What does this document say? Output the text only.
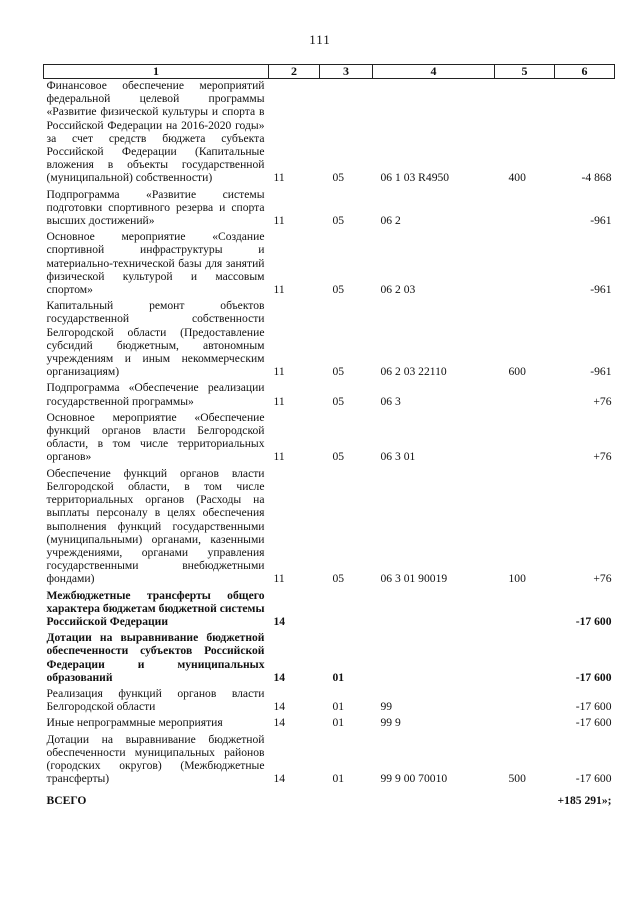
111
1	2	3	4	5	6
Финансовое обеспечение мероприятий федеральной целевой программы «Развитие физической культуры и спорта в Российской Федерации на 2016-2020 годы» за счет средств бюджета субъекта Российской Федерации (Капитальные вложения в объекты государственной (муниципальной) собственности)	11	05	06 1 03 R4950	400	-4 868
Подпрограмма «Развитие системы подготовки спортивного резерва и спорта высших достижений»	11	05	06 2		-961
Основное мероприятие «Создание спортивной инфраструктуры и материально-технической базы для занятий физической культурой и массовым спортом»	11	05	06 2 03		-961
Капитальный ремонт объектов государственной собственности Белгородской области (Предоставление субсидий бюджетным, автономным учреждениям и иным некоммерческим организациям)	11	05	06 2 03 22110	600	-961
Подпрограмма «Обеспечение реализации государственной программы»	11	05	06 3		+76
Основное мероприятие «Обеспечение функций органов власти Белгородской области, в том числе территориальных органов»	11	05	06 3 01		+76
Обеспечение функций органов власти Белгородской области, в том числе территориальных органов (Расходы на выплаты персоналу в целях обеспечения выполнения функций государственными (муниципальными) органами, казенными учреждениями, органами управления государственными внебюджетными фондами)	11	05	06 3 01 90019	100	+76
Межбюджетные трансферты общего характера бюджетам бюджетной системы Российской Федерации	14				-17 600
Дотации на выравнивание бюджетной обеспеченности субъектов Российской Федерации и муниципальных образований	14	01			-17 600
Реализация функций органов власти Белгородской области	14	01	99		-17 600
Иные непрограммные мероприятия	14	01	99 9		-17 600
Дотации на выравнивание бюджетной обеспеченности муниципальных районов (городских округов) (Межбюджетные трансферты)	14	01	99 9 00 70010	500	-17 600
ВСЕГО					+185 291»;
